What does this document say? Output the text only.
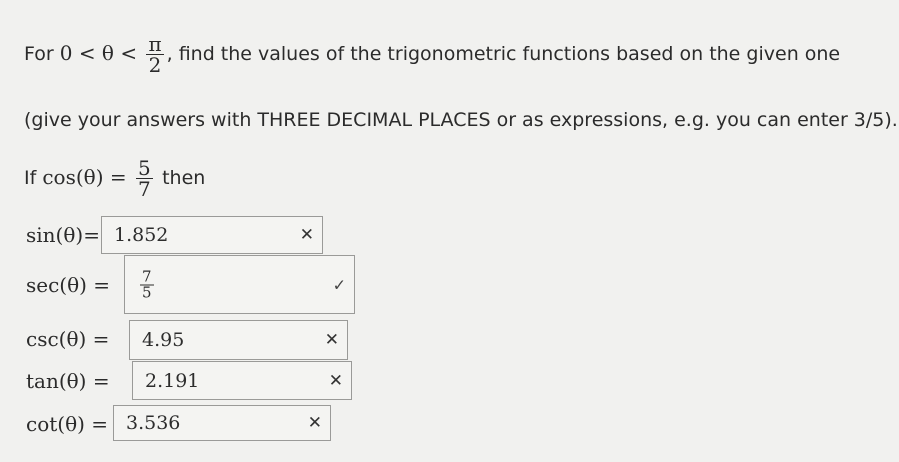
For $0 < \theta < \frac{\pi}{2}$ , find the values of the trigonometric functions based on the given one
(give your answers with THREE DECIMAL PLACES or as expressions, e.g. you can enter 3/5).
If $\cos(\theta) = \frac{5}{7}$ then
sin(θ)= 1.852	✕
$\sec(\theta) = \frac{7}{5}$	✓
csc(θ) = 4.95	✕
tan(θ) = 2.191	✕
cot(θ) = 3.536	✕
